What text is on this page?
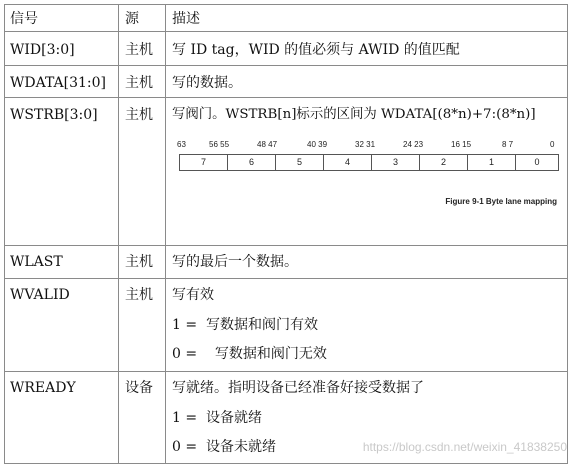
信号	源 描述
WID[3:0]	主机 写 ID tag，WID 的值必须与 AWID 的值匹配
WDATA[31:0] 主机 写的数据。
WSTRB[3:0] 主机 写阀门。WSTRB[n]标示的区间为 WDATA[(8*n)+7:(8*n)]
63	56 55	48 47	40 39	32 31	24 23	16 15	8 7	0
7	6	5	4	3	2	1	0
Figure 9-1 Byte lane mapping
WLAST	主机 写的最后一个数据。
WVALID	主机 写有效
1 =  写数据和阀门有效
0 =    写数据和阀门无效
WREADY	设备 写就绪。指明设备已经准备好接受数据了
1 =  设备就绪
0 =  设备未就绪	https://blog.csdn.net/weixin_41838250
